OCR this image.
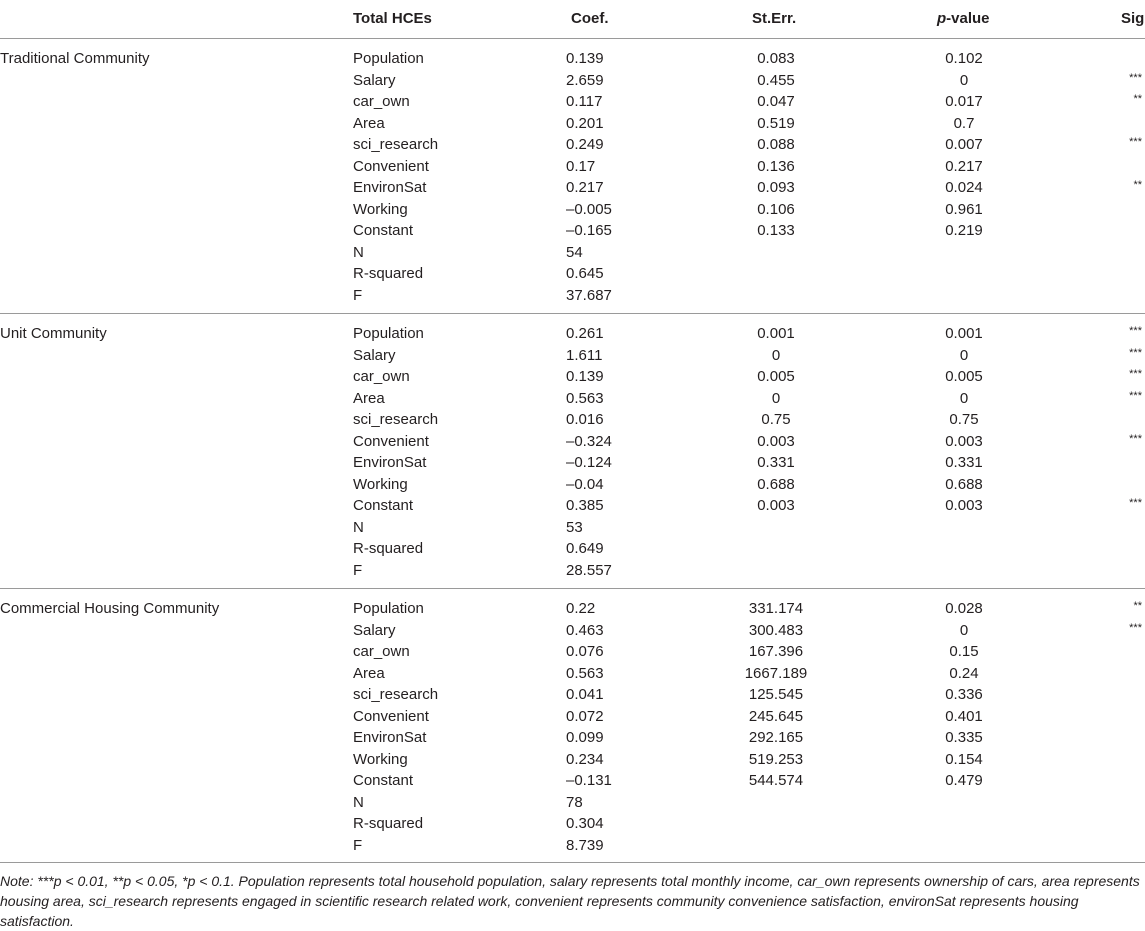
Total HCEs	Coef.	St.Err.	p-value	Sig
Traditional Community	Population	0.139	0.083	0.102
Salary	2.659	0.455	0	***
car_own	0.117	0.047	0.017	**
Area	0.201	0.519	0.7
sci_research	0.249	0.088	0.007	***
Convenient	0.17	0.136	0.217
EnvironSat	0.217	0.093	0.024	**
Working	–0.005	0.106	0.961
Constant	–0.165	0.133	0.219
N	54
R-squared	0.645
F	37.687
Unit Community	Population	0.261	0.001	0.001	***
Salary	1.611	0	0	***
car_own	0.139	0.005	0.005	***
Area	0.563	0	0	***
sci_research	0.016	0.75	0.75
Convenient	–0.324	0.003	0.003	***
EnvironSat	–0.124	0.331	0.331
Working	–0.04	0.688	0.688
Constant	0.385	0.003	0.003	***
N	53
R-squared	0.649
F	28.557
Commercial Housing Community	Population	0.22	331.174	0.028	**
Salary	0.463	300.483	0	***
car_own	0.076	167.396	0.15
Area	0.563	1667.189	0.24
sci_research	0.041	125.545	0.336
Convenient	0.072	245.645	0.401
EnvironSat	0.099	292.165	0.335
Working	0.234	519.253	0.154
Constant	–0.131	544.574	0.479
N	78
R-squared	0.304
F	8.739
Note: ***p < 0.01, **p < 0.05, *p < 0.1. Population represents total household population, salary represents total monthly income, car_own represents ownership of cars, area represents housing area, sci_research represents engaged in scientific research related work, convenient represents community convenience satisfaction, environSat represents housing satisfaction.
